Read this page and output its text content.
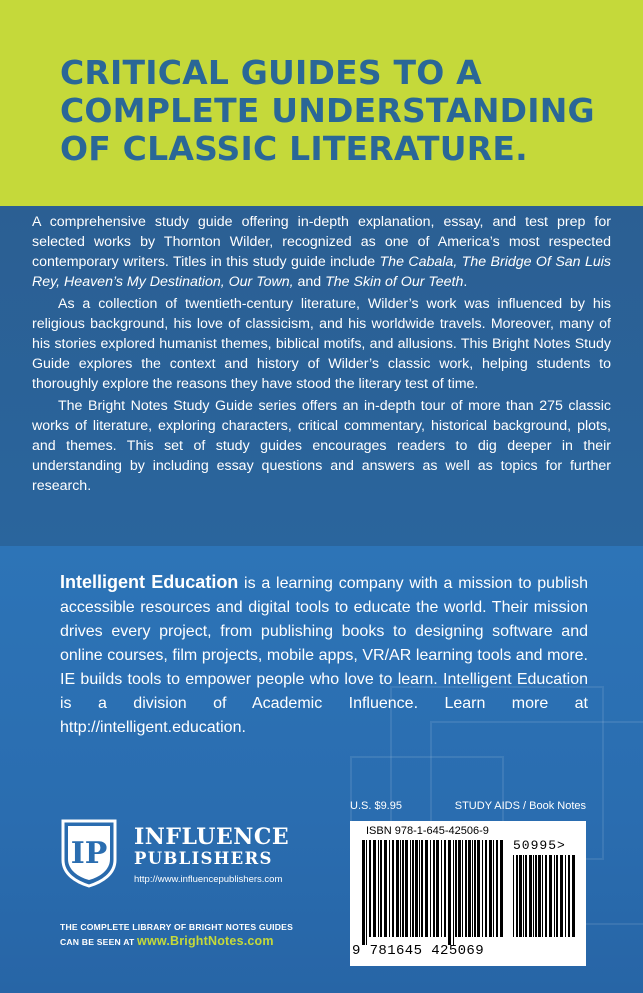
CRITICAL GUIDES TO A COMPLETE UNDERSTANDING OF CLASSIC LITERATURE.

A comprehensive study guide offering in-depth explanation, essay, and test prep for selected works by Thornton Wilder, recognized as one of America’s most respected contemporary writers. Titles in this study guide include The Cabala, The Bridge Of San Luis Rey, Heaven’s My Destination, Our Town, and The Skin of Our Teeth.

As a collection of twentieth-century literature, Wilder’s work was influenced by his religious background, his love of classicism, and his worldwide travels. Moreover, many of his stories explored humanist themes, biblical motifs, and allusions. This Bright Notes Study Guide explores the context and history of Wilder’s classic work, helping students to thoroughly explore the reasons they have stood the literary test of time.

The Bright Notes Study Guide series offers an in-depth tour of more than 275 classic works of literature, exploring characters, critical commentary, historical background, plots, and themes. This set of study guides encourages readers to dig deeper in their understanding by including essay questions and answers as well as topics for further research.

Intelligent Education is a learning company with a mission to publish accessible resources and digital tools to educate the world. Their mission drives every project, from publishing books to designing software and online courses, film projects, mobile apps, VR/AR learning tools and more. IE builds tools to empower people who love to learn. Intelligent Education is a division of Academic Influence. Learn more at http://intelligent.education.
U.S. $9.95	STUDY AIDS / Book Notes
ISBN 978-1-645-42506-9
50995>
9 781645 425069
IP INFLUENCE
PUBLISHERS
http://www.influencepublishers.com
THE COMPLETE LIBRARY OF BRIGHT NOTES GUIDES
CAN BE SEEN AT www.BrightNotes.com
